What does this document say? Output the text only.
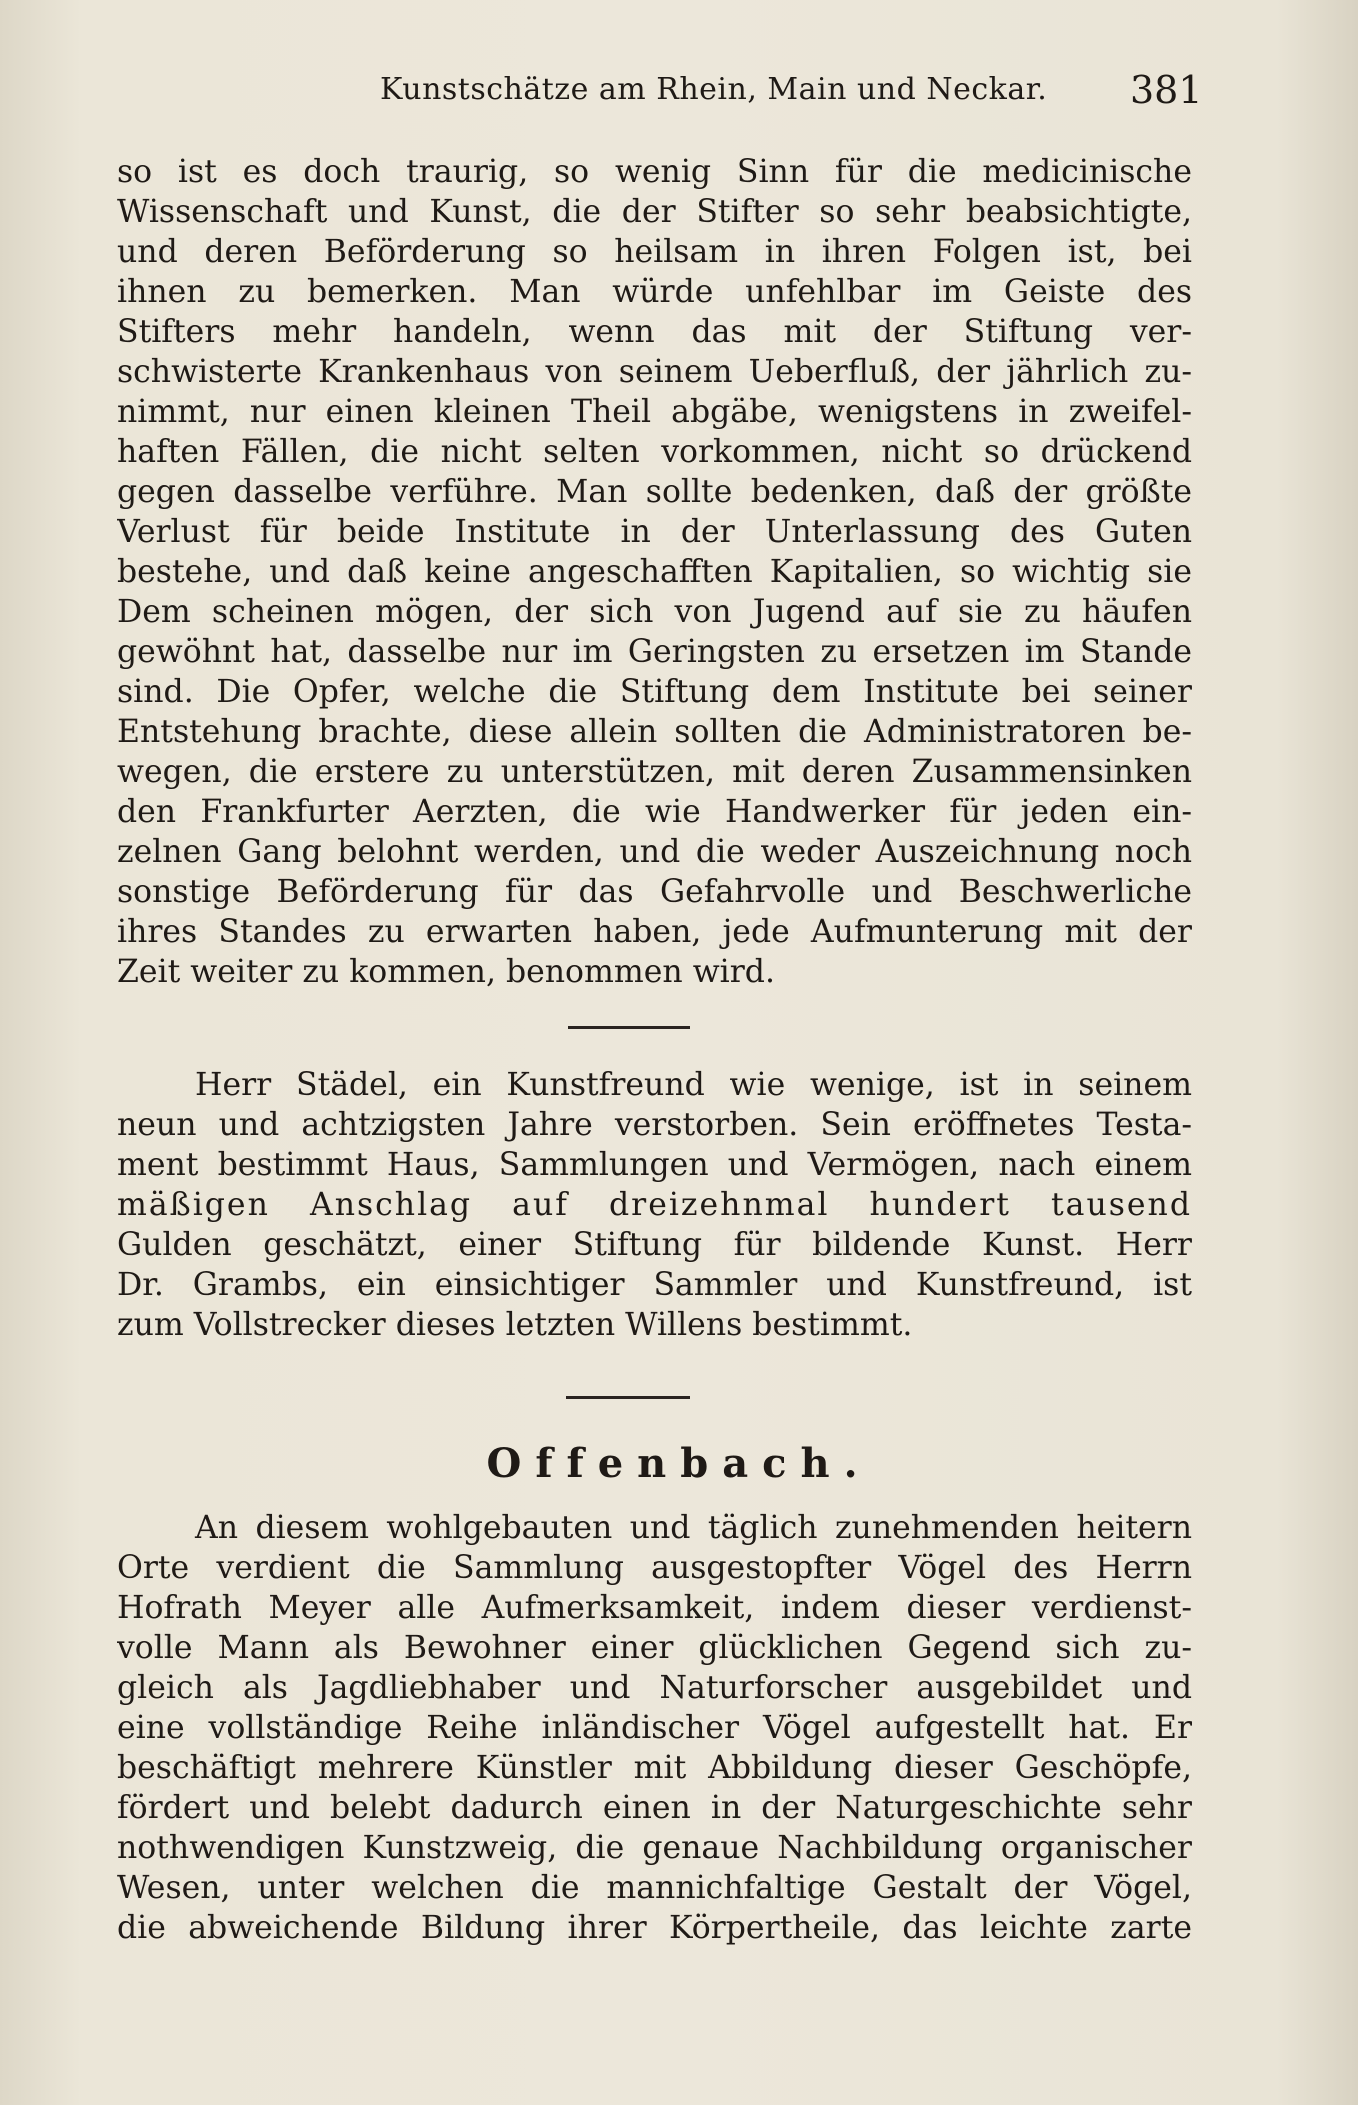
Kunstschätze am Rhein, Main und Neckar. 381
so ist es doch traurig, so wenig Sinn für die medicinische
Wissenschaft und Kunst, die der Stifter so sehr beabsichtigte,
und deren Beförderung so heilsam in ihren Folgen ist, bei
ihnen zu bemerken. Man würde unfehlbar im Geiste des
Stifters mehr handeln, wenn das mit der Stiftung ver-
schwisterte Krankenhaus von seinem Ueberfluß, der jährlich zu-
nimmt, nur einen kleinen Theil abgäbe, wenigstens in zweifel-
haften Fällen, die nicht selten vorkommen, nicht so drückend
gegen dasselbe verführe. Man sollte bedenken, daß der größte
Verlust für beide Institute in der Unterlassung des Guten
bestehe, und daß keine angeschafften Kapitalien, so wichtig sie
Dem scheinen mögen, der sich von Jugend auf sie zu häufen
gewöhnt hat, dasselbe nur im Geringsten zu ersetzen im Stande
sind. Die Opfer, welche die Stiftung dem Institute bei seiner
Entstehung brachte, diese allein sollten die Administratoren be-
wegen, die erstere zu unterstützen, mit deren Zusammensinken
den Frankfurter Aerzten, die wie Handwerker für jeden ein-
zelnen Gang belohnt werden, und die weder Auszeichnung noch
sonstige Beförderung für das Gefahrvolle und Beschwerliche
ihres Standes zu erwarten haben, jede Aufmunterung mit der
Zeit weiter zu kommen, benommen wird.
Herr Städel, ein Kunstfreund wie wenige, ist in seinem
neun und achtzigsten Jahre verstorben. Sein eröffnetes Testa-
ment bestimmt Haus, Sammlungen und Vermögen, nach einem
mäßigen Anschlag auf dreizehnmal hundert tausend
Gulden geschätzt, einer Stiftung für bildende Kunst. Herr
Dr. Grambs, ein einsichtiger Sammler und Kunstfreund, ist
zum Vollstrecker dieses letzten Willens bestimmt.
Offenbach.
An diesem wohlgebauten und täglich zunehmenden heitern
Orte verdient die Sammlung ausgestopfter Vögel des Herrn
Hofrath Meyer alle Aufmerksamkeit, indem dieser verdienst-
volle Mann als Bewohner einer glücklichen Gegend sich zu-
gleich als Jagdliebhaber und Naturforscher ausgebildet und
eine vollständige Reihe inländischer Vögel aufgestellt hat. Er
beschäftigt mehrere Künstler mit Abbildung dieser Geschöpfe,
fördert und belebt dadurch einen in der Naturgeschichte sehr
nothwendigen Kunstzweig, die genaue Nachbildung organischer
Wesen, unter welchen die mannichfaltige Gestalt der Vögel,
die abweichende Bildung ihrer Körpertheile, das leichte zarte
